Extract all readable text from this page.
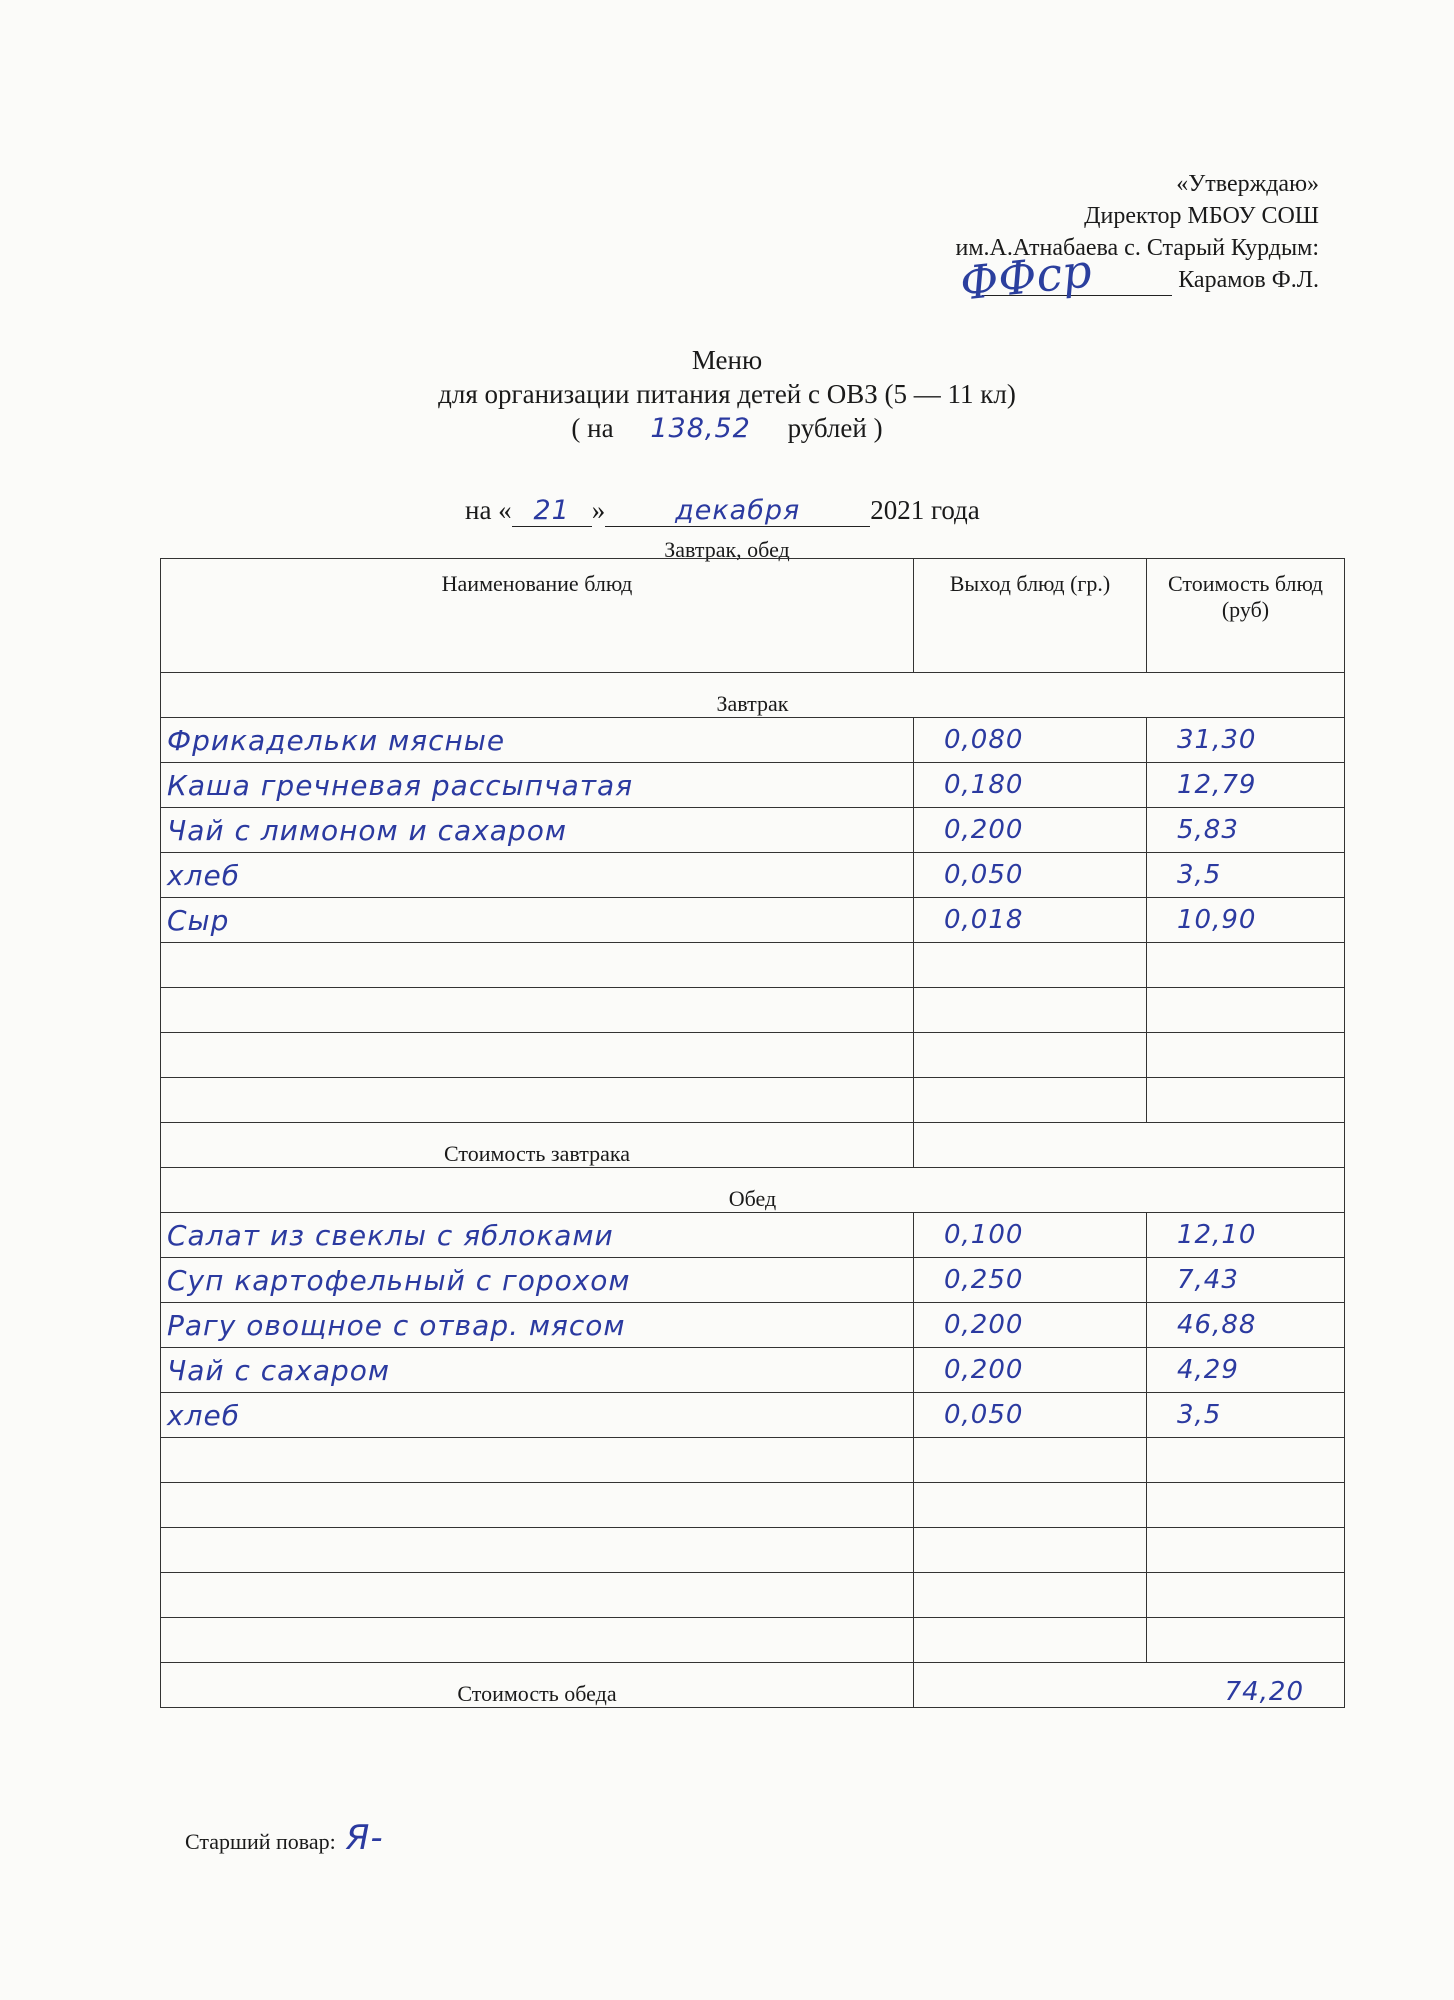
«Утверждаю»
Директор МБОУ СОШ
им.А.Атнабаева с. Старый Курдым:
Карамов Ф.Л.
ФФср
Меню
для организации питания детей с ОВЗ (5 — 11 кл)
( на 138,52 рублей )
на « 21 »	декабря	2021 года
Завтрак, обед
Наименование блюд	Выход блюд (гр.)	Стоимость блюд (руб)
Завтрак		
Фрикадельки мясные	0,080	31,30
Каша гречневая рассыпчатая	0,180	12,79
Чай с лимоном и сахаром	0,200	5,83
хлеб	0,050	3,5
Сыр	0,018	10,90

Стоимость завтрака		
Обед		
Салат из свеклы с яблоками	0,100	12,10
Суп картофельный с горохом	0,250	7,43
Рагу овощное с отвар. мясом	0,200	46,88
Чай с сахаром	0,200	4,29
хлеб	0,050	3,5

Стоимость обеда	74,20	
Старший повар: Я-
